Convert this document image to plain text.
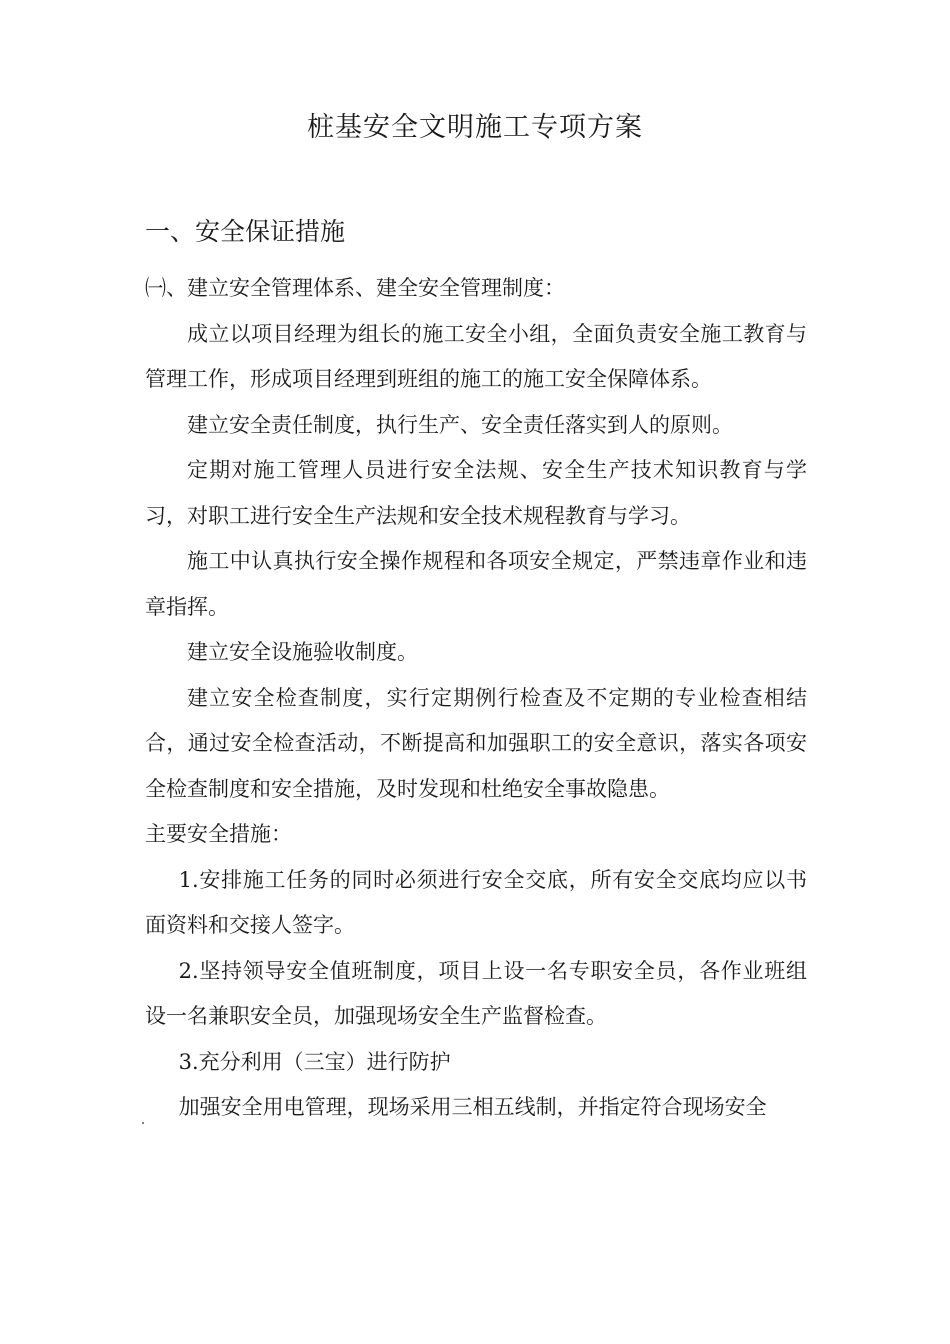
桩基安全文明施工专项方案
一、安全保证措施

㈠、建立安全管理体系、建全安全管理制度：

成立以项目经理为组长的施工安全小组，全面负责安全施工教育与管理工作，形成项目经理到班组的施工的施工安全保障体系。

建立安全责任制度，执行生产、安全责任落实到人的原则。

定期对施工管理人员进行安全法规、安全生产技术知识教育与学习，对职工进行安全生产法规和安全技术规程教育与学习。

施工中认真执行安全操作规程和各项安全规定，严禁违章作业和违章指挥。

建立安全设施验收制度。

建立安全检查制度，实行定期例行检查及不定期的专业检查相结合，通过安全检查活动，不断提高和加强职工的安全意识，落实各项安全检查制度和安全措施，及时发现和杜绝安全事故隐患。

主要安全措施：

1.安排施工任务的同时必须进行安全交底，所有安全交底均应以书面资料和交接人签字。

2.坚持领导安全值班制度，项目上设一名专职安全员，各作业班组设一名兼职安全员，加强现场安全生产监督检查。

3.充分利用（三宝）进行防护

加强安全用电管理，现场采用三相五线制，并指定符合现场安全
